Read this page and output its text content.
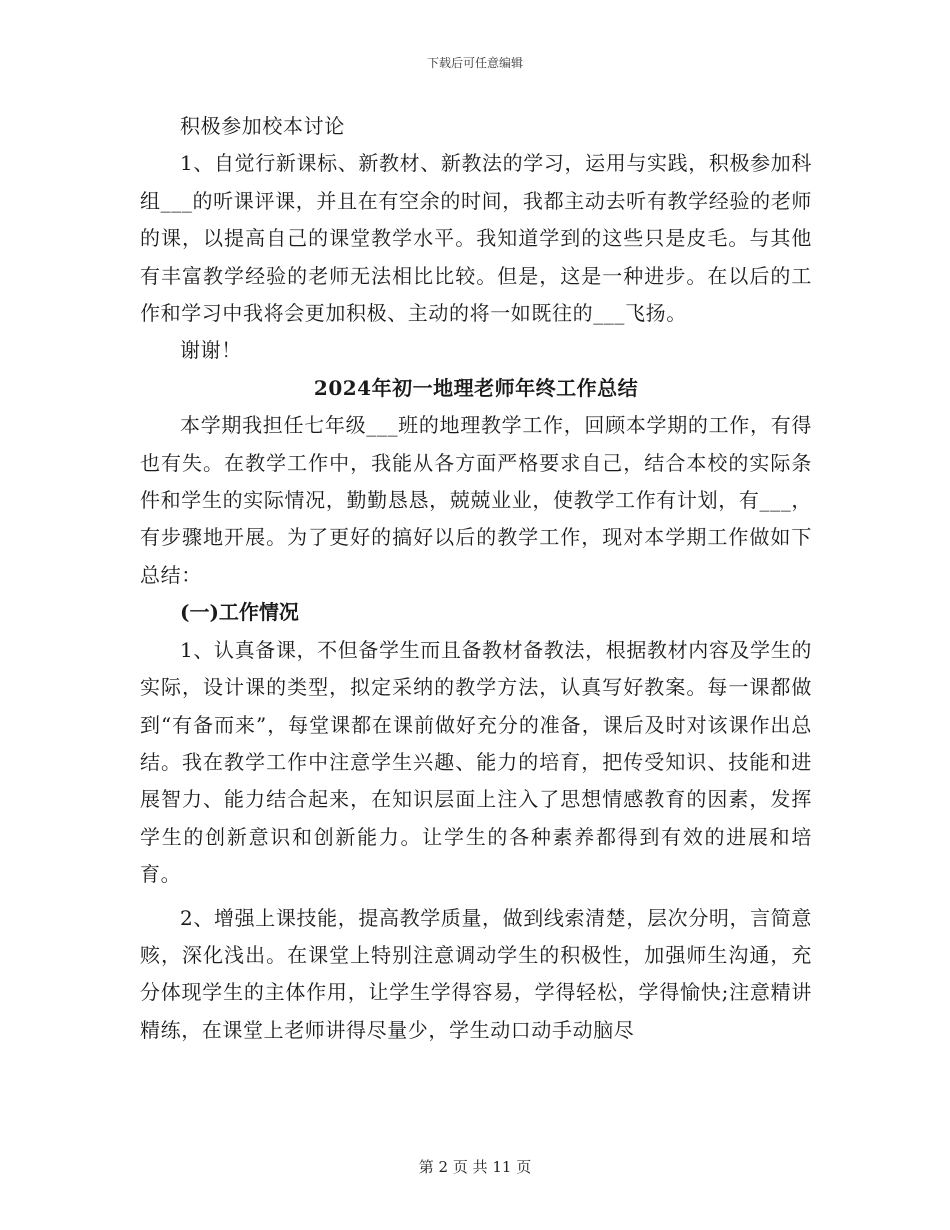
下载后可任意编辑

积极参加校本讨论

1、自觉行新课标、新教材、新教法的学习，运用与实践，积极参加科组___的听课评课，并且在有空余的时间，我都主动去听有教学经验的老师的课，以提高自己的课堂教学水平。我知道学到的这些只是皮毛。与其他有丰富教学经验的老师无法相比比较。但是，这是一种进步。在以后的工作和学习中我将会更加积极、主动的将一如既往的___飞扬。

谢谢！

2024年初一地理老师年终工作总结

本学期我担任七年级___班的地理教学工作，回顾本学期的工作，有得也有失。在教学工作中，我能从各方面严格要求自己，结合本校的实际条件和学生的实际情况，勤勤恳恳，兢兢业业，使教学工作有计划，有___，有步骤地开展。为了更好的搞好以后的教学工作，现对本学期工作做如下总结：

(一)工作情况

1、认真备课，不但备学生而且备教材备教法，根据教材内容及学生的实际，设计课的类型，拟定采纳的教学方法，认真写好教案。每一课都做到“有备而来”，每堂课都在课前做好充分的准备，课后及时对该课作出总结。我在教学工作中注意学生兴趣、能力的培育，把传受知识、技能和进展智力、能力结合起来，在知识层面上注入了思想情感教育的因素，发挥学生的创新意识和创新能力。让学生的各种素养都得到有效的进展和培育。

2、增强上课技能，提高教学质量，做到线索清楚，层次分明，言简意赅，深化浅出。在课堂上特别注意调动学生的积极性，加强师生沟通，充分体现学生的主体作用，让学生学得容易，学得轻松，学得愉快;注意精讲精练，在课堂上老师讲得尽量少，学生动口动手动脑尽

第 2 页 共 11 页
